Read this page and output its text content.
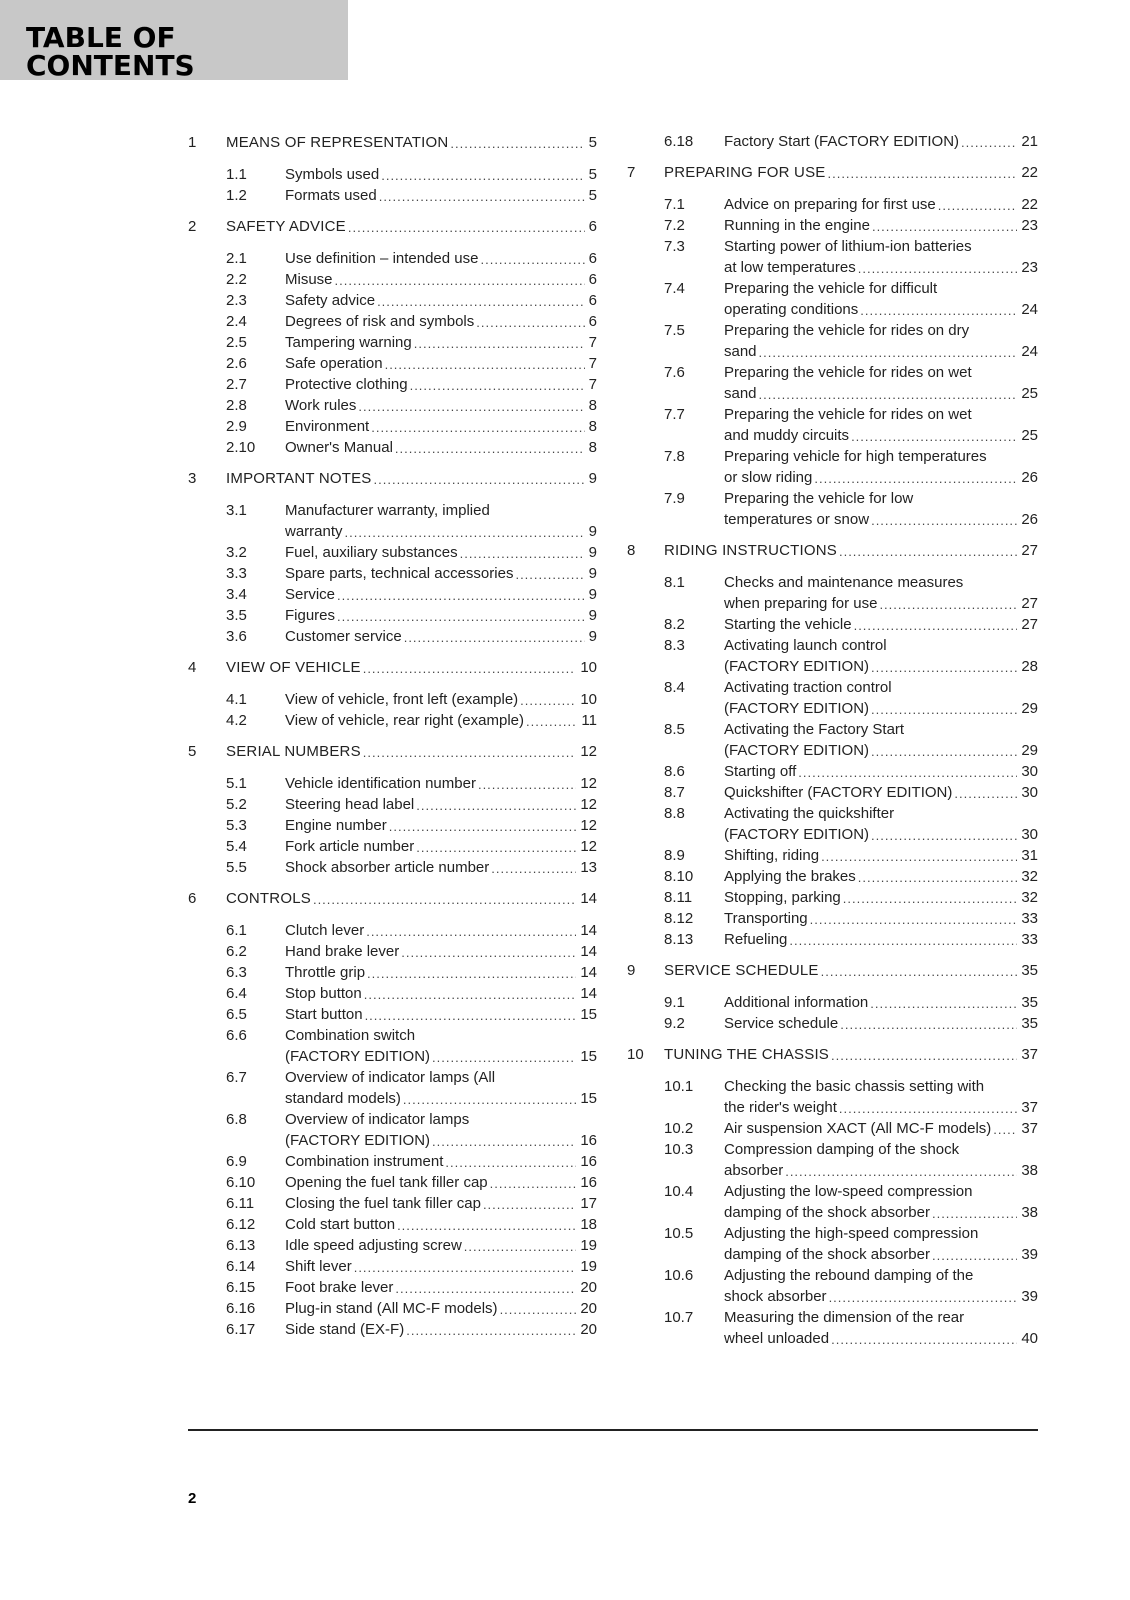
TABLE OF CONTENTS
1 MEANS OF REPRESENTATION .....	5
1.1	Symbols used .....	5
1.2	Formats used .....	5
2 SAFETY ADVICE .....	6
2.1	Use definition – intended use .....	6
2.2	Misuse .....	6
2.3	Safety advice .....	6
2.4	Degrees of risk and symbols .....	6
2.5	Tampering warning .....	7
2.6	Safe operation .....	7
2.7	Protective clothing .....	7
2.8	Work rules .....	8
2.9	Environment .....	8
2.10 Owner's Manual .....	8
3 IMPORTANT NOTES .....	9
3.1	Manufacturer warranty, implied
warranty .....	9
3.2	Fuel, auxiliary substances .....	9
3.3	Spare parts, technical accessories .....	9
3.4	Service .....	9
3.5	Figures .....	9
3.6	Customer service .....	9
4 VIEW OF VEHICLE .....	10
4.1	View of vehicle, front left (example) .....	10
4.2	View of vehicle, rear right (example) .....	11
5 SERIAL NUMBERS .....	12
5.1	Vehicle identification number .....	12
5.2	Steering head label .....	12
5.3	Engine number .....	12
5.4	Fork article number .....	12
5.5	Shock absorber article number .....	13
6 CONTROLS .....	14
6.1	Clutch lever .....	14
6.2	Hand brake lever .....	14
6.3	Throttle grip .....	14
6.4	Stop button .....	14
6.5	Start button .....	15
6.6	Combination switch
(FACTORY EDITION) .....	15
6.7	Overview of indicator lamps (All
standard models) .....	15
6.8	Overview of indicator lamps
(FACTORY EDITION) .....	16
6.9	Combination instrument .....	16
6.10 Opening the fuel tank filler cap .....	16
6.11 Closing the fuel tank filler cap .....	17
6.12 Cold start button .....	18
6.13 Idle speed adjusting screw .....	19
6.14 Shift lever .....	19
6.15 Foot brake lever .....	20
6.16 Plug-in stand (All MC-F models) .....	20
6.17 Side stand (EX-F) .....	20
6.18 Factory Start (FACTORY EDITION) .....	21
7 PREPARING FOR USE .....	22
7.1	Advice on preparing for first use .....	22
7.2	Running in the engine .....	23
7.3	Starting power of lithium-ion batteries
at low temperatures .....	23
7.4	Preparing the vehicle for difficult
operating conditions .....	24
7.5	Preparing the vehicle for rides on dry
sand .....	24
7.6	Preparing the vehicle for rides on wet
sand .....	25
7.7	Preparing the vehicle for rides on wet
and muddy circuits .....	25
7.8	Preparing vehicle for high temperatures
or slow riding .....	26
7.9	Preparing the vehicle for low
temperatures or snow .....	26
8 RIDING INSTRUCTIONS .....	27
8.1	Checks and maintenance measures
when preparing for use .....	27
8.2	Starting the vehicle .....	27
8.3	Activating launch control
(FACTORY EDITION) .....	28
8.4	Activating traction control
(FACTORY EDITION) .....	29
8.5	Activating the Factory Start
(FACTORY EDITION) .....	29
8.6	Starting off .....	30
8.7	Quickshifter (FACTORY EDITION) .....	30
8.8	Activating the quickshifter
(FACTORY EDITION) .....	30
8.9	Shifting, riding .....	31
8.10 Applying the brakes .....	32
8.11 Stopping, parking .....	32
8.12 Transporting .....	33
8.13 Refueling .....	33
9 SERVICE SCHEDULE .....	35
9.1	Additional information .....	35
9.2	Service schedule .....	35
10 TUNING THE CHASSIS .....	37
10.1 Checking the basic chassis setting with
the rider's weight .....	37
10.2 Air suspension XACT (All MC-F models) ..... 37
10.3 Compression damping of the shock
absorber .....	38
10.4 Adjusting the low-speed compression
damping of the shock absorber .....	38
10.5 Adjusting the high-speed compression
damping of the shock absorber .....	39
10.6 Adjusting the rebound damping of the
shock absorber .....	39
10.7 Measuring the dimension of the rear
wheel unloaded .....	40
2
